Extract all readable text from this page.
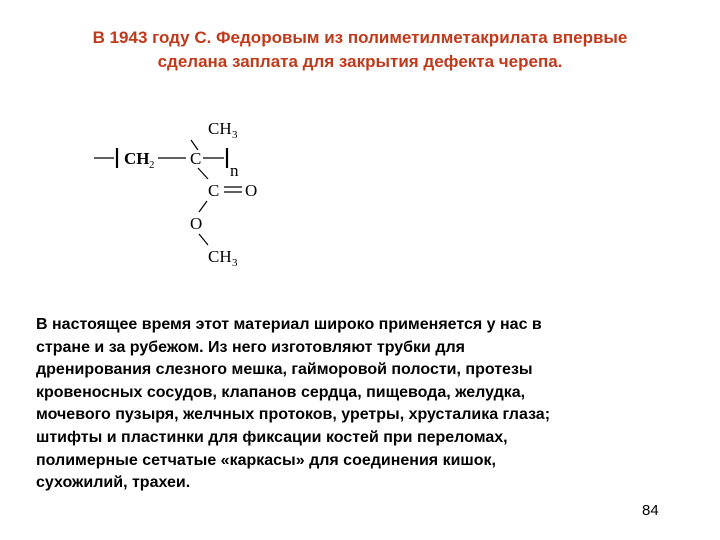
В 1943 году С. Федоровым из полиметилметакрилата впервые
сделана заплата для закрытия дефекта черепа.
CH 3
CH 2 C
n
C O
O
CH 3

В настоящее время этот материал широко применяется у нас в
стране и за рубежом. Из него изготовляют трубки для
дренирования слезного мешка, гайморовой полости, протезы
кровеносных сосудов, клапанов сердца, пищевода, желудка,
мочевого пузыря, желчных протоков, уретры, хрусталика глаза;
штифты и пластинки для фиксации костей при переломах,
полимерные сетчатые «каркасы» для соединения кишок,
сухожилий, трахеи.

84
